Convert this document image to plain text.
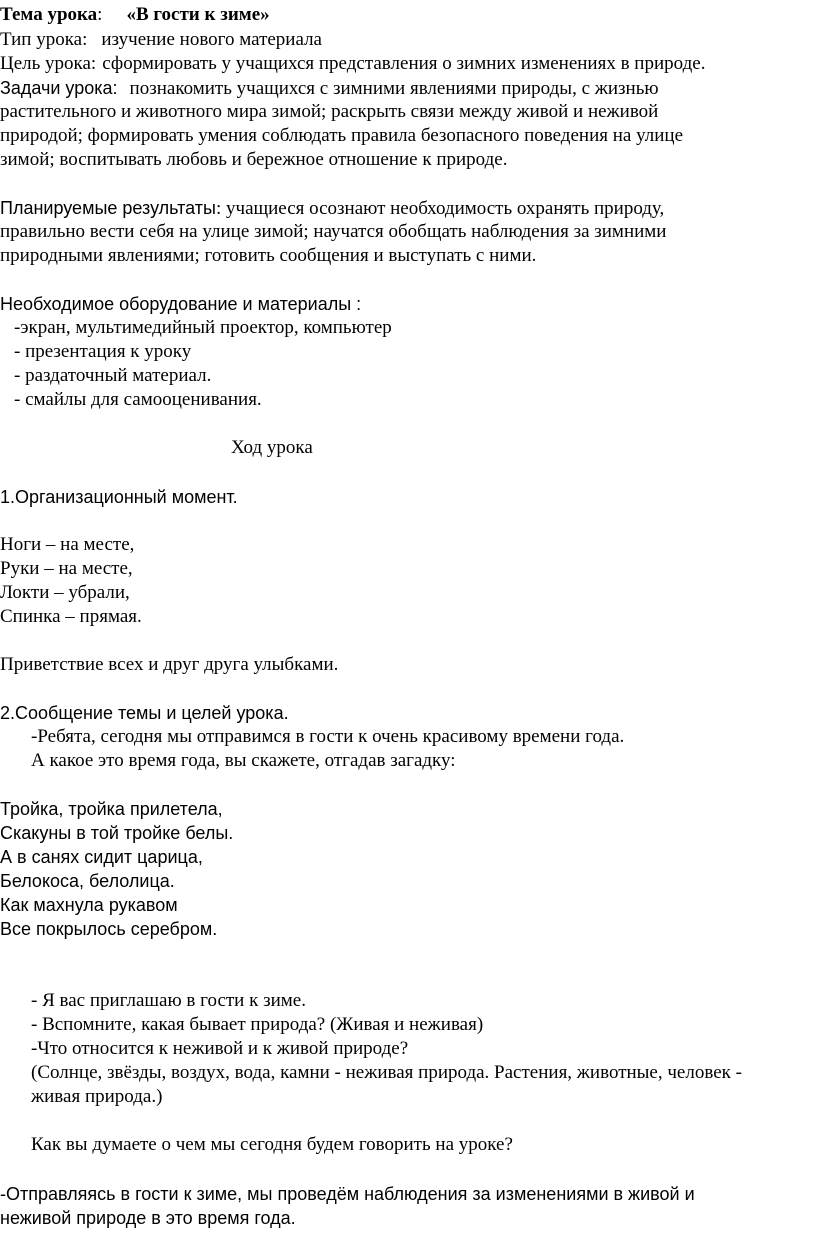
Тема урока: «В гости к зиме»
Тип урока: изучение нового материала
Цель урока: сформировать у учащихся представления о зимних изменениях в природе.
Задачи урока: познакомить учащихся с зимними явлениями природы, с жизнью
растительного и животного мира зимой; раскрыть связи между живой и неживой
природой; формировать умения соблюдать правила безопасного поведения на улице
зимой; воспитывать любовь и бережное отношение к природе.
Планируемые результаты: учащиеся осознают необходимость охранять природу,
правильно вести себя на улице зимой; научатся обобщать наблюдения за зимними
природными явлениями; готовить сообщения и выступать с ними.
Необходимое оборудование и материалы :
-экран, мультимедийный проектор, компьютер
- презентация к уроку
- раздаточный материал.
- смайлы для самооценивания.
Ход урока
1.Организационный момент.
Ноги – на месте,
Руки – на месте,
Локти – убрали,
Спинка – прямая.
Приветствие всех и друг друга улыбками.
2.Сообщение темы и целей урока.
-Ребята, сегодня мы отправимся в гости к очень красивому времени года.
А какое это время года, вы скажете, отгадав загадку:
Тройка, тройка прилетела,
Скакуны в той тройке белы.
А в санях сидит царица,
Белокоса, белолица.
Как махнула рукавом
Все покрылось серебром.
- Я вас приглашаю в гости к зиме.
- Вспомните, какая бывает природа? (Живая и неживая)
-Что относится к неживой и к живой природе?
(Солнце, звёзды, воздух, вода, камни - неживая природа. Растения, животные, человек -
живая природа.)
Как вы думаете о чем мы сегодня будем говорить на уроке?
-Отправляясь в гости к зиме, мы проведём наблюдения за изменениями в живой и
неживой природе в это время года.
